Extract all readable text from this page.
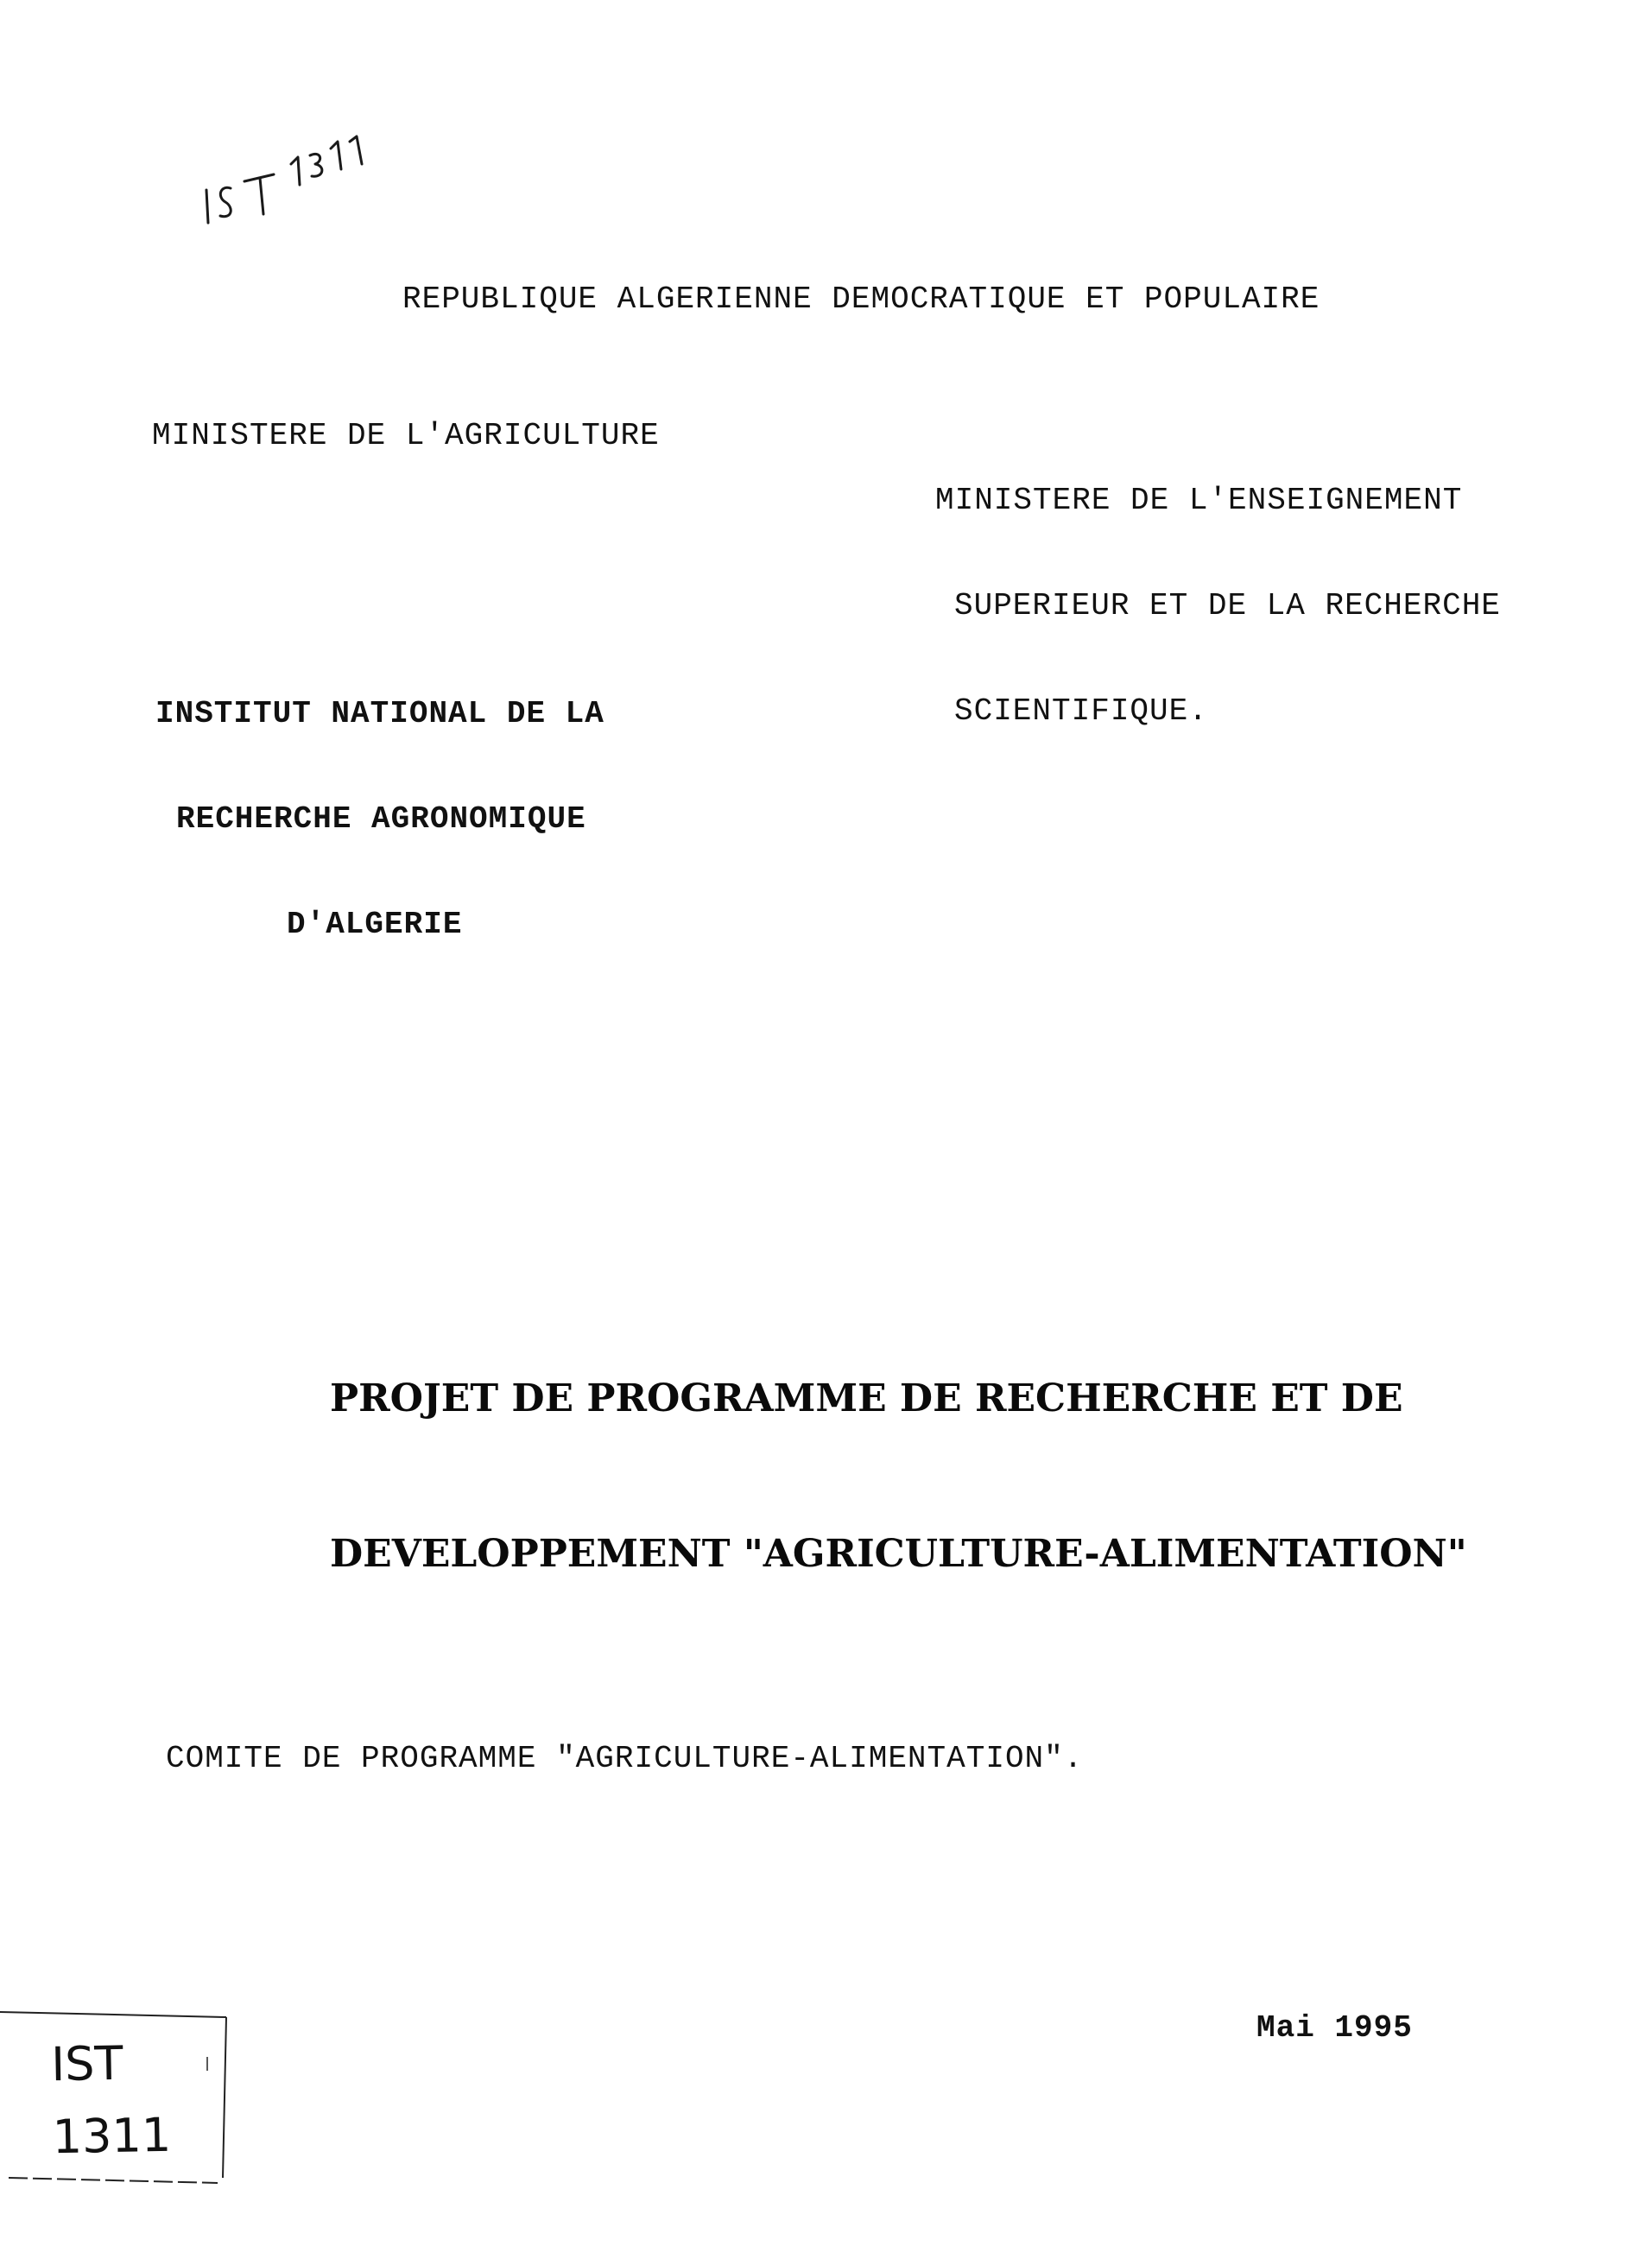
REPUBLIQUE ALGERIENNE DEMOCRATIQUE ET POPULAIRE
MINISTERE DE L'AGRICULTURE

MINISTERE DE L'ENSEIGNEMENT

SUPERIEUR ET DE LA RECHERCHE

SCIENTIFIQUE.

INSTITUT NATIONAL DE LA

RECHERCHE AGRONOMIQUE

D'ALGERIE

PROJET DE PROGRAMME DE RECHERCHE ET DE

DEVELOPPEMENT "AGRICULTURE-ALIMENTATION"

COMITE DE PROGRAMME "AGRICULTURE-ALIMENTATION".
Mai 1995
IST
1311
